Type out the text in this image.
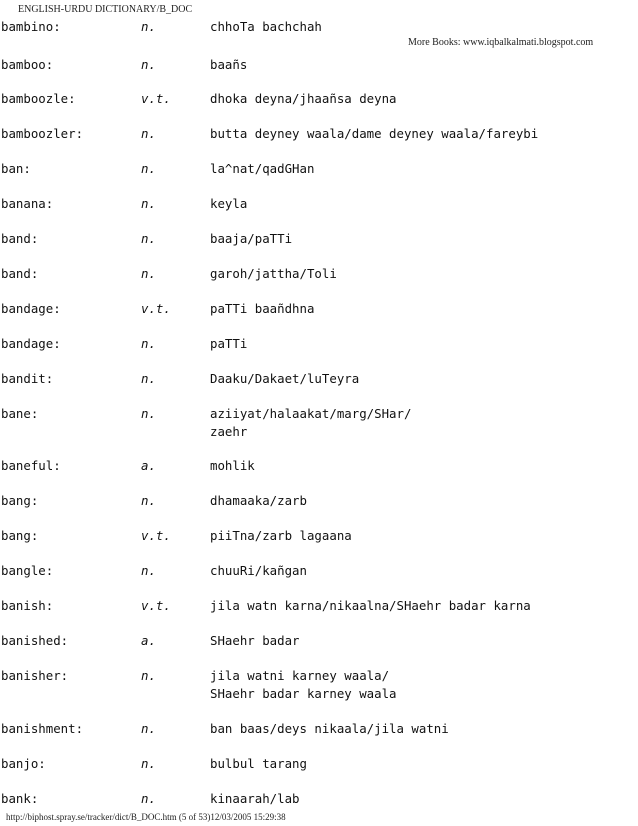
ENGLISH-URDU DICTIONARY/B_DOC
More Books: www.iqbalkalmati.blogspot.com
bambino:	n.	chhoTa bachchah
bamboo:	n.	baañs
bamboozle:	v.t.	dhoka deyna/jhaañsa deyna
bamboozler:	n.	butta deyney waala/dame deyney waala/fareybi
ban:	n.	la^nat/qadGHan
banana:	n.	keyla
band:	n.	baaja/paTTi
band:	n.	garoh/jattha/Toli
bandage:	v.t.	paTTi baañdhna
bandage:	n.	paTTi
bandit:	n.	Daaku/Dakaet/luTeyra
bane:	n.	aziiyat/halaakat/marg/SHar/
zaehr
baneful:	a.	mohlik
bang:	n.	dhamaaka/zarb
bang:	v.t.	piiTna/zarb lagaana
bangle:	n.	chuuRi/kañgan
banish:	v.t.	jila watn karna/nikaalna/SHaehr badar karna
banished:	a.	SHaehr badar
banisher:	n.	jila watni karney waala/
SHaehr badar karney waala
banishment:	n.	ban baas/deys nikaala/jila watni
banjo:	n.	bulbul tarang
bank:	n.	kinaarah/lab
http://biphost.spray.se/tracker/dict/B_DOC.htm (5 of 53)12/03/2005 15:29:38
